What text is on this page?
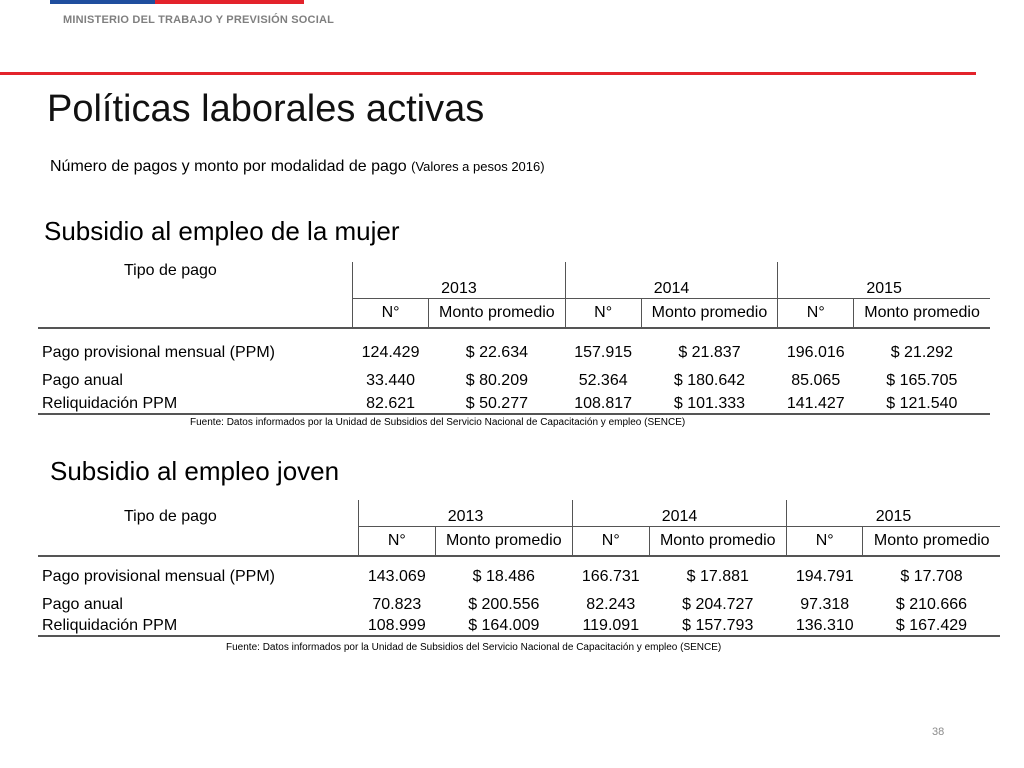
MINISTERIO DEL TRABAJO Y PREVISIÓN SOCIAL
Políticas laborales activas
Número de pagos y monto por modalidad de pago (Valores a pesos 2016)
Subsidio al empleo de la mujer
Tipo de pago	2013		2014		2015	
	N°	Monto promedio	N°	Monto promedio	N°	Monto promedio
Pago provisional mensual (PPM)	124.429	$ 22.634	157.915	$ 21.837	196.016	$ 21.292
Pago anual	33.440	$ 80.209	52.364	$ 180.642	85.065	$ 165.705
Reliquidación PPM	82.621	$ 50.277	108.817	$ 101.333	141.427	$ 121.540
Fuente: Datos informados por la Unidad de Subsidios del Servicio Nacional de Capacitación y empleo (SENCE)
Subsidio al empleo joven
Tipo de pago	2013		2014		2015	
	N°	Monto promedio	N°	Monto promedio	N°	Monto promedio
Pago provisional mensual (PPM)	143.069	$ 18.486	166.731	$ 17.881	194.791	$ 17.708
Pago anual	70.823	$ 200.556	82.243	$ 204.727	97.318	$ 210.666
Reliquidación PPM	108.999	$ 164.009	119.091	$ 157.793	136.310	$ 167.429
Fuente: Datos informados por la Unidad de Subsidios del Servicio Nacional de Capacitación y empleo (SENCE)
38
